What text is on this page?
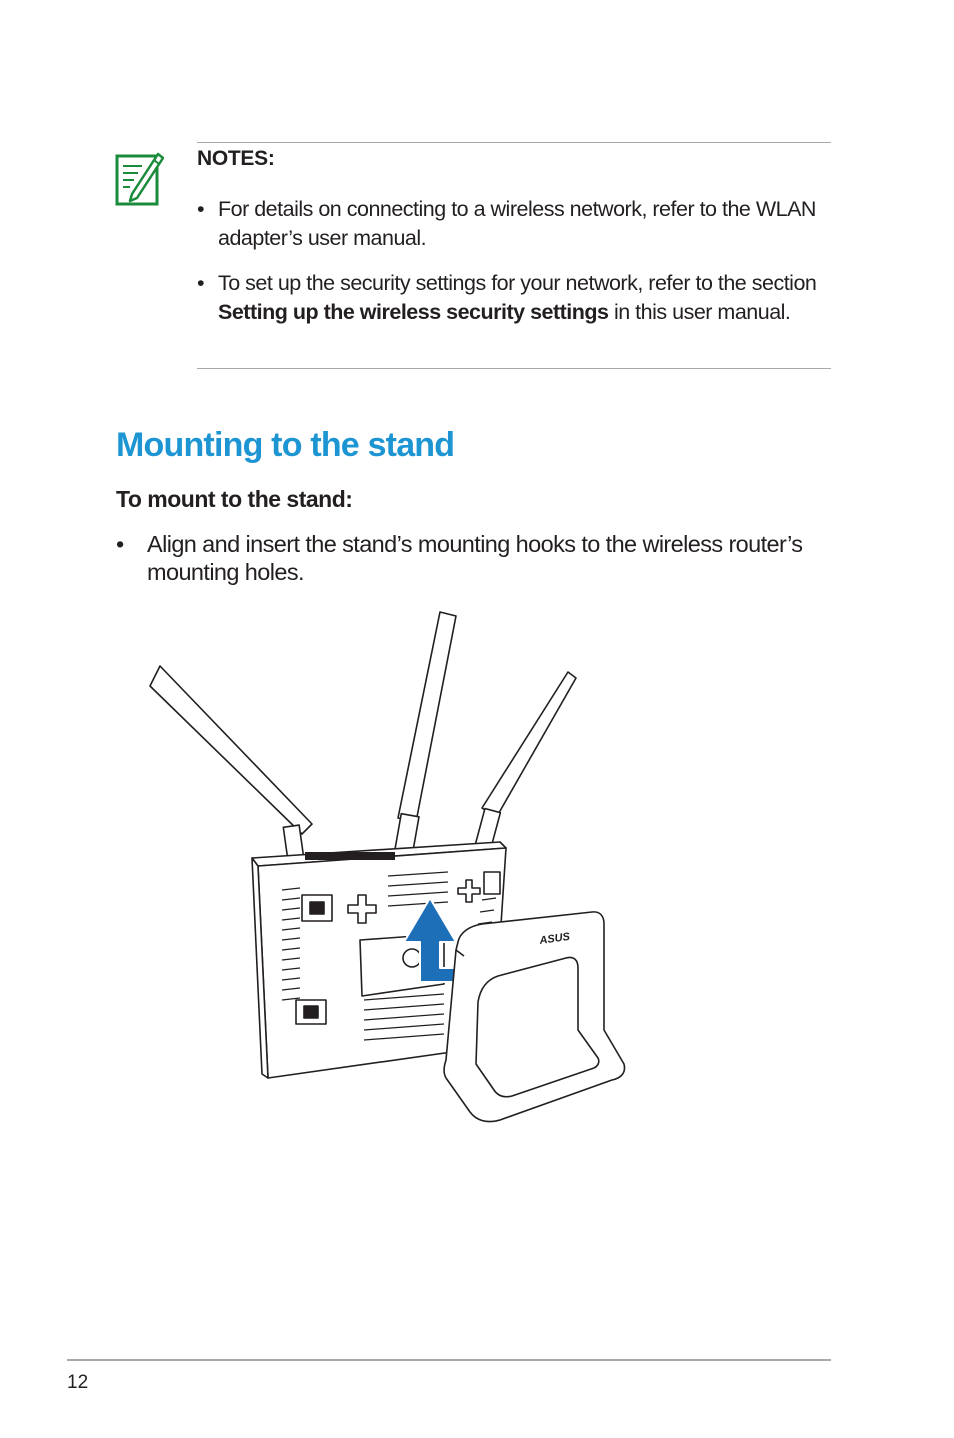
NOTES:
• For details on connecting to a wireless network, refer to the WLAN adapter’s user manual.
• To set up the security settings for your network, refer to the section Setting up the wireless security settings in this user manual.
Mounting to the stand
To mount to the stand:
• Align and insert the stand’s mounting hooks to the wireless router’s mounting holes.
ASUS
12
